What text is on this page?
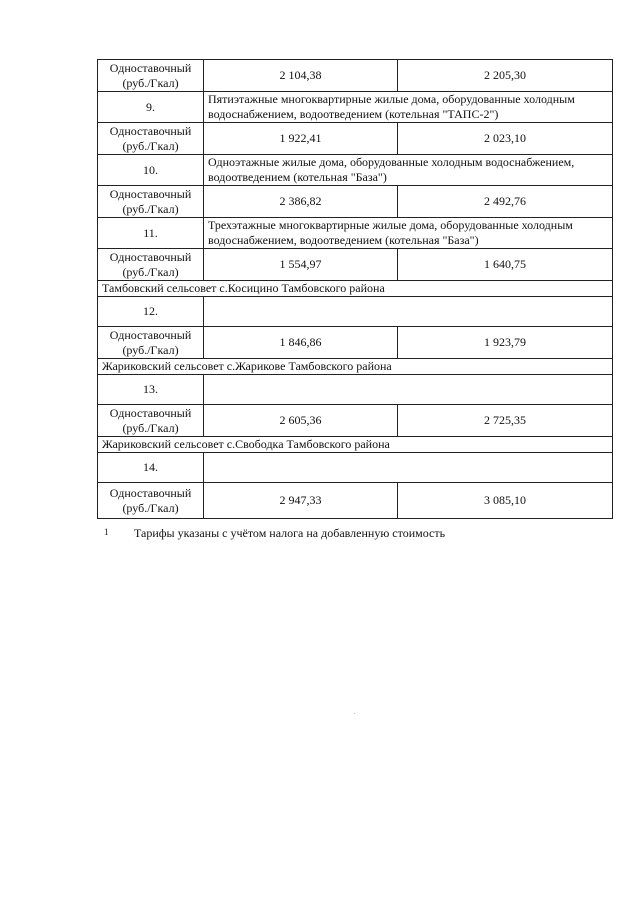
Одноставочный
(руб./Гкал)	2 104,38	2 205,30
9.	Пятиэтажные многоквартирные жилые дома, оборудованные холодным
водоснабжением, водоотведением (котельная "ТАПС-2")	

Одноставочный
(руб./Гкал)	1 922,41	2 023,10
10.	Одноэтажные жилые дома, оборудованные холодным водоснабжением,
водоотведением (котельная "База")	

Одноставочный
(руб./Гкал)	2 386,82	2 492,76
11.	Трехэтажные многоквартирные жилые дома, оборудованные холодным
водоснабжением, водоотведением (котельная "База")	

Одноставочный
(руб./Гкал)	1 554,97	1 640,75
Тамбовский сельсовет с.Косицино Тамбовского района		
12.		

Одноставочный
(руб./Гкал)	1 846,86	1 923,79
Жариковский сельсовет с.Жарикове Тамбовского района		
13.		

Одноставочный
(руб./Гкал)	2 605,36	2 725,35
Жариковский сельсовет с.Свободка Тамбовского района		
14.		

Одноставочный
(руб./Гкал)	2 947,33	3 085,10
1 Тарифы указаны с учётом налога на добавленную стоимость
